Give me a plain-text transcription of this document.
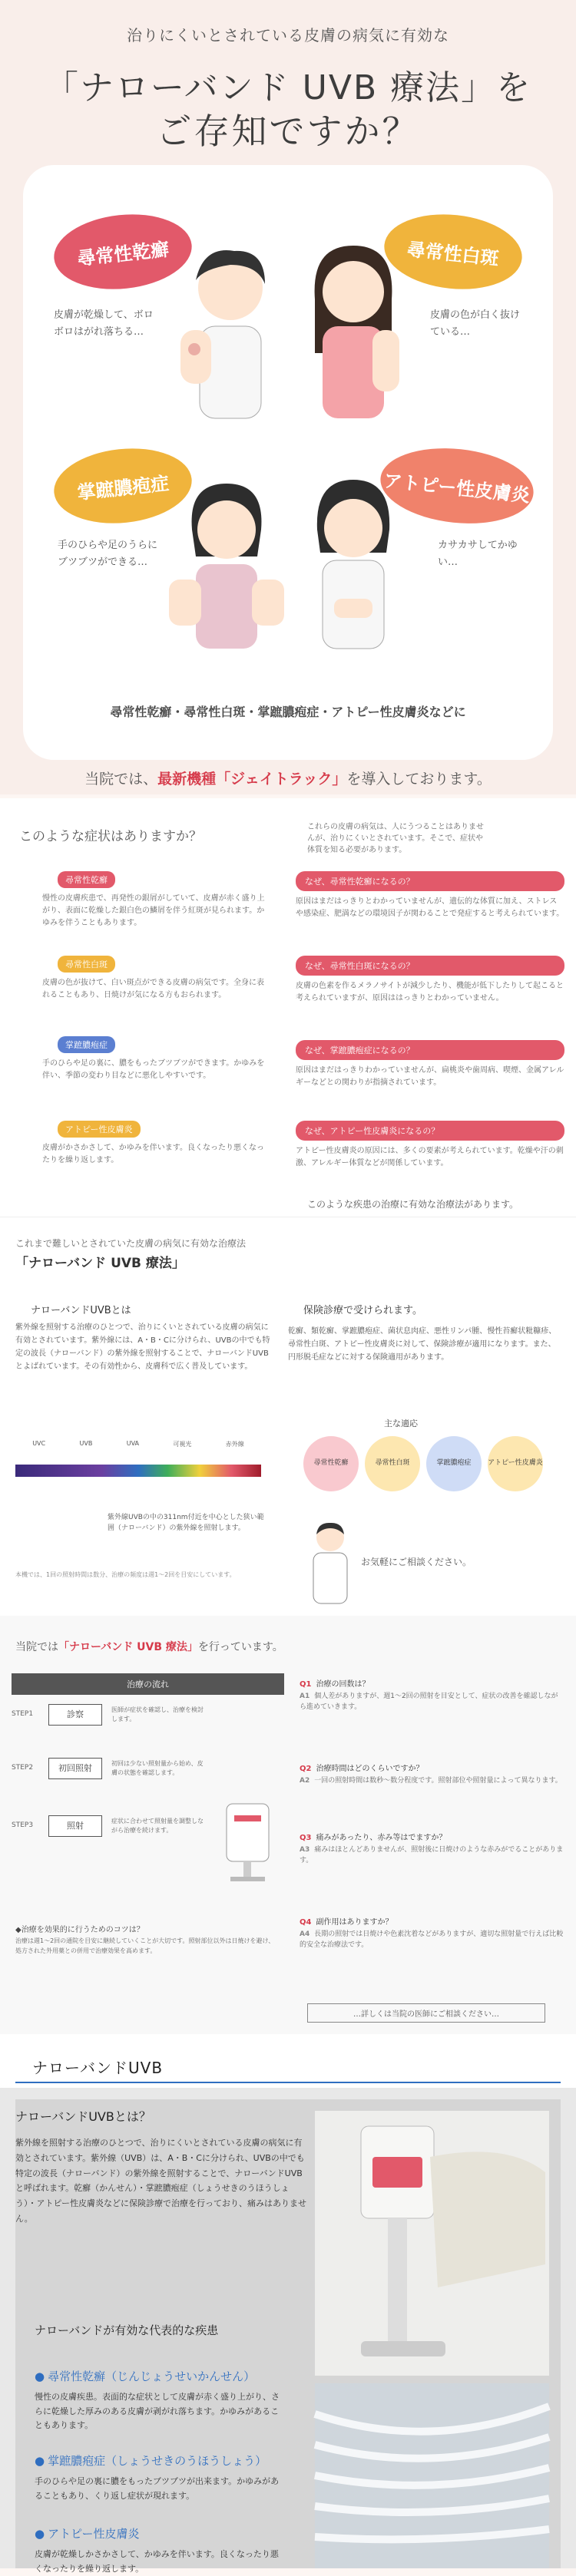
治りにくいとされている皮膚の病気に有効な
「ナローバンド UVB 療法」を
ご存知ですか？
尋常性乾癬	尋常性白斑
掌蹠膿疱症	アトピー性皮膚炎
皮膚が乾燥して、ボロボロはがれ落ちる…
皮膚の色が白く抜けている…
手のひらや足のうらにブツブツができる…
カサカサしてかゆい…
尋常性乾癬・尋常性白斑・掌蹠膿疱症・アトピー性皮膚炎などに
当院では、最新機種「ジェイトラック」を導入しております。
このような症状はありますか？
これらの皮膚の病気は、人にうつることはありませんが、治りにくいとされています。そこで、症状や体質を知る必要があります。
尋常性乾癬
慢性の皮膚疾患で、再発性の銀屑がしていて、皮膚が赤く盛り上がり、表面に乾燥した銀白色の鱗屑を伴う紅斑が見られます。かゆみを伴うこともあります。
尋常性白斑
皮膚の色が抜けて、白い斑点ができる皮膚の病気です。全身に表れることもあり、日焼けが気になる方もおられます。
掌蹠膿疱症
手のひらや足の裏に、膿をもったブツブツができます。かゆみを伴い、季節の変わり目などに悪化しやすいです。
アトピー性皮膚炎
皮膚がかさかさして、かゆみを伴います。良くなったり悪くなったりを繰り返します。
なぜ、尋常性乾癬になるの？
原因はまだはっきりとわかっていませんが、遺伝的な体質に加え、ストレスや感染症、肥満などの環境因子が関わることで発症すると考えられています。
なぜ、尋常性白斑になるの？
皮膚の色素を作るメラノサイトが減少したり、機能が低下したりして起こると考えられていますが、原因ははっきりとわかっていません。
なぜ、掌蹠膿疱症になるの？
原因はまだはっきりわかっていませんが、扁桃炎や歯周病、喫煙、金属アレルギーなどとの関わりが指摘されています。
なぜ、アトピー性皮膚炎になるの？
アトピー性皮膚炎の原因には、多くの要素が考えられています。乾燥や汗の刺激、アレルギー体質などが関係しています。
このような疾患の治療に有効な治療法があります。
これまで難しいとされていた皮膚の病気に有効な治療法
「ナローバンド UVB 療法」
ナローバンドUVBとは
紫外線を照射する治療のひとつで、治りにくいとされている皮膚の病気に有効とされています。紫外線には、A・B・Cに分けられ、UVBの中でも特定の波長（ナローバンド）の紫外線を照射することで、ナローバンドUVBとよばれています。その有効性から、皮膚科で広く普及しています。
UVC	UVB	UVA	可視光	赤外線
紫外線UVBの中の311nm付近を中心とした狭い範囲（ナローバンド）の紫外線を照射します。
本機では、1回の照射時間は数分、治療の頻度は週1〜2回を目安にしています。
保険診療で受けられます。
乾癬、類乾癬、掌蹠膿疱症、菌状息肉症、悪性リンパ腫、慢性苔癬状粃糠疹、尋常性白斑、アトピー性皮膚炎に対して、保険診療が適用になります。また、円形脱毛症などに対する保険適用があります。
主な適応
尋常性乾癬	尋常性白斑	掌蹠膿疱症	アトピー性皮膚炎
お気軽にご相談ください。
当院では「ナローバンド UVB 療法」を行っています。
治療の流れ
STEP1	診察	医師が症状を確認し、治療を検討します。
STEP2	初回照射	初回は少ない照射量から始め、皮膚の状態を確認します。
STEP3	照射	症状に合わせて照射量を調整しながら治療を続けます。
◆治療を効果的に行うためのコツは？
治療は週1〜2回の通院を目安に継続していくことが大切です。照射部位以外は日焼けを避け、処方された外用薬との併用で治療効果を高めます。
Q1 治療の回数は？
A1 個人差がありますが、週1〜2回の照射を目安として、症状の改善を確認しながら進めていきます。
Q2 治療時間はどのくらいですか？
A2 一回の照射時間は数秒〜数分程度です。照射部位や照射量によって異なります。
Q3 痛みがあったり、赤み等はでますか？
A3 痛みはほとんどありませんが、照射後に日焼けのような赤みがでることがあります。
Q4 副作用はありますか？
A4 長期の照射では日焼けや色素沈着などがありますが、適切な照射量で行えば比較的安全な治療法です。
…詳しくは当院の医師にご相談ください…
ナローバンドUVB
ナローバンドUVBとは？
紫外線を照射する治療のひとつで、治りにくいとされている皮膚の病気に有効とされています。紫外線（UVB）は、A・B・Cに分けられ、UVBの中でも特定の波長（ナローバンド）の紫外線を照射することで、ナローバンドUVBと呼ばれます。乾癬（かんせん）・掌蹠膿疱症（しょうせきのうほうしょう）・アトピー性皮膚炎などに保険診療で治療を行っており、痛みはありません。
ナローバンドが有効な代表的な疾患
● 尋常性乾癬（じんじょうせいかんせん）
慢性の皮膚疾患。表面的な症状として皮膚が赤く盛り上がり、さらに乾燥した厚みのある皮膚が剥がれ落ちます。かゆみがあることもあります。
● 掌蹠膿疱症（しょうせきのうほうしょう）
手のひらや足の裏に膿をもったブツブツが出来ます。かゆみがあることもあり、くり返し症状が現れます。
● アトピー性皮膚炎
皮膚が乾燥しかさかさして、かゆみを伴います。良くなったり悪くなったりを繰り返します。
